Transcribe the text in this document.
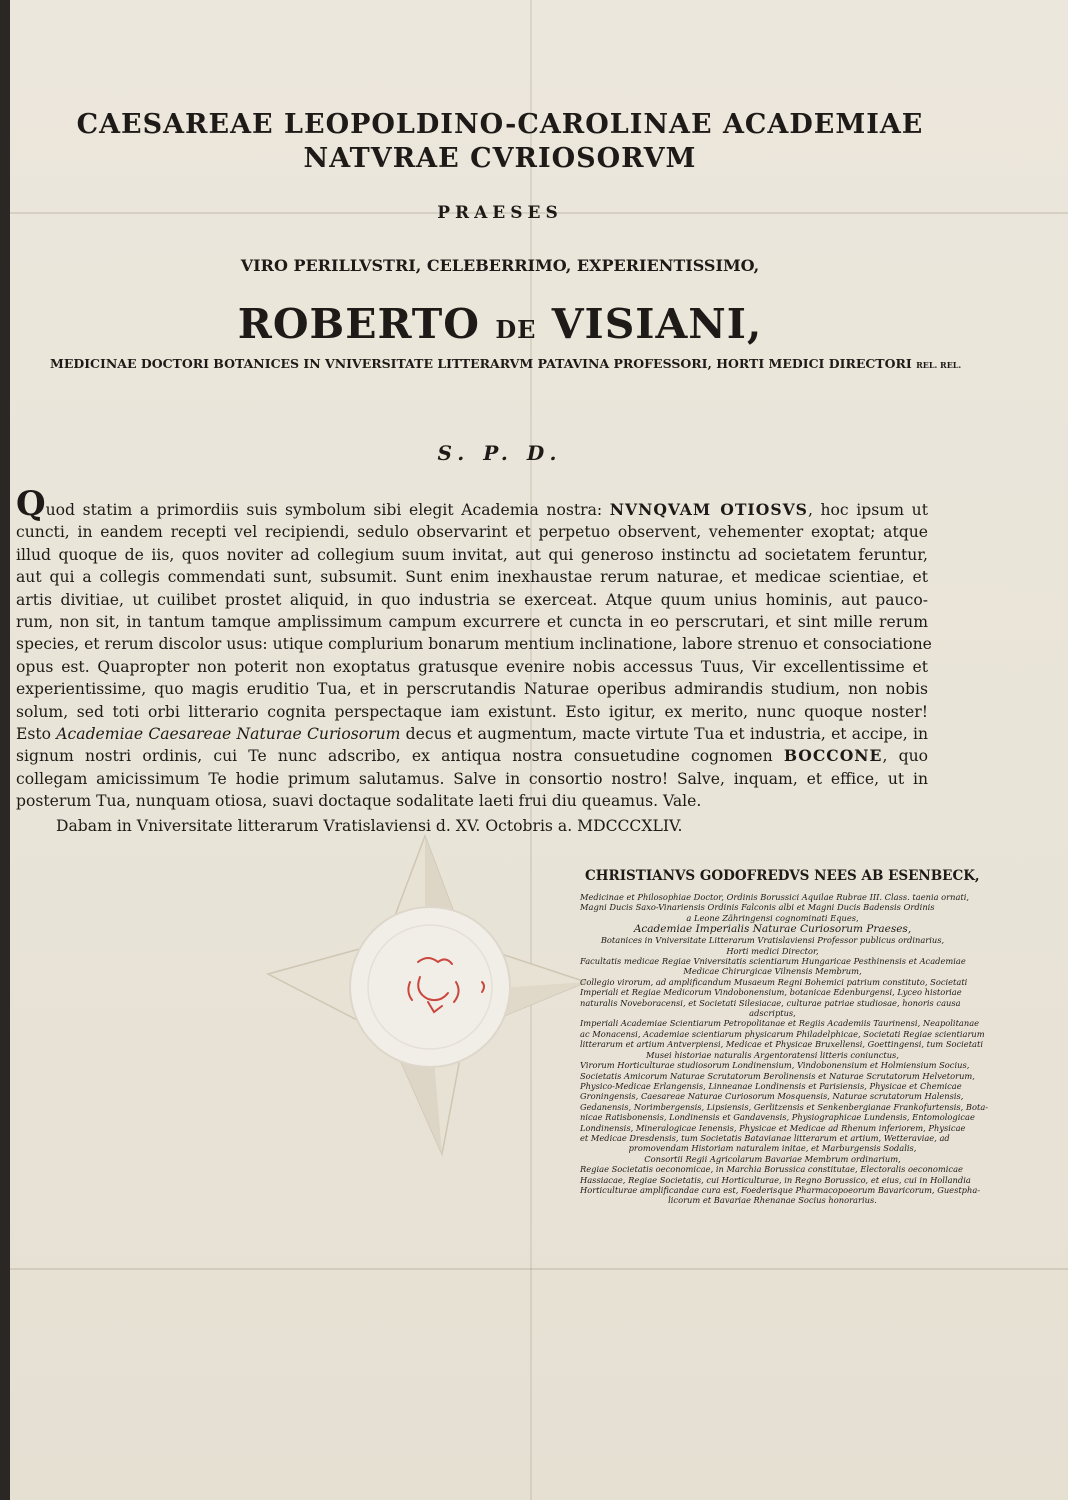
CAESAREAE LEOPOLDINO-CAROLINAE ACADEMIAE
NATVRAE CVRIOSORVM
PRAESES
VIRO PERILLVSTRI, CELEBERRIMO, EXPERIENTISSIMO,
ROBERTO DE VISIANI,
MEDICINAE DOCTORI BOTANICES IN VNIVERSITATE LITTERARVM PATAVINA PROFESSORI, HORTI MEDICI DIRECTORI REL. REL.
S. P. D.
Quod statim a primordiis suis symbolum sibi elegit Academia nostra: NVNQVAM OTIOSVS, hoc ipsum ut
cuncti, in eandem recepti vel recipiendi, sedulo observarint et perpetuo observent, vehementer exoptat; atque
illud quoque de iis, quos noviter ad collegium suum invitat, aut qui generoso instinctu ad societatem feruntur,
aut qui a collegis commendati sunt, subsumit. Sunt enim inexhaustae rerum naturae, et medicae scientiae, et
artis divitiae, ut cuilibet prostet aliquid, in quo industria se exerceat. Atque quum unius hominis, aut pauco-
rum, non sit, in tantum tamque amplissimum campum excurrere et cuncta in eo perscrutari, et sint mille rerum
species, et rerum discolor usus: utique complurium bonarum mentium inclinatione, labore strenuo et consociatione
opus est. Quapropter non poterit non exoptatus gratusque evenire nobis accessus Tuus, Vir excellentissime et
experientissime, quo magis eruditio Tua, et in perscrutandis Naturae operibus admirandis studium, non nobis
solum, sed toti orbi litterario cognita perspectaque iam existunt. Esto igitur, ex merito, nunc quoque noster!
Esto Academiae Caesareae Naturae Curiosorum decus et augmentum, macte virtute Tua et industria, et accipe, in
signum nostri ordinis, cui Te nunc adscribo, ex antiqua nostra consuetudine cognomen BOCCONE, quo
collegam amicissimum Te hodie primum salutamus. Salve in consortio nostro! Salve, inquam, et effice, ut in
posterum Tua, nunquam otiosa, suavi doctaque sodalitate laeti frui diu queamus. Vale.
Dabam in Vniversitate litterarum Vratislaviensi d. XV. Octobris a. MDCCCXLIV.
CHRISTIANVS GODOFREDVS NEES AB ESENBECK,
Medicinae et Philosophiae Doctor, Ordinis Borussici Aquilae Rubrae III. Class. taenia ornati,
Magni Ducis Saxo-Vinariensis Ordinis Falconis albi et Magni Ducis Badensis Ordinis
a Leone Zähringensi cognominati Eques,
Academiae Imperialis Naturae Curiosorum Praeses,
Botanices in Vniversitate Litterarum Vratislaviensi Professor publicus ordinarius,
Horti medici Director,
Facultatis medicae Regiae Vniversitatis scientiarum Hungaricae Pesthinensis et Academiae
Medicae Chirurgicae Vilnensis Membrum,
Collegio virorum, ad amplificandum Musaeum Regni Bohemici patrium constituto, Societati
Imperiali et Regiae Medicorum Vindobonensium, botanicae Edenburgensi, Lyceo historiae
naturalis Noveboracensi, et Societati Silesiacae, culturae patriae studiosae, honoris causa
adscriptus,
Imperiali Academiae Scientiarum Petropolitanae et Regiis Academiis Taurinensi, Neapolitanae
ac Monacensi, Academiae scientiarum physicarum Philadelphicae, Societati Regiae scientiarum
litterarum et artium Antverpiensi, Medicae et Physicae Bruxellensi, Goettingensi, tum Societati
Musei historiae naturalis Argentoratensi litteris coniunctus,
Virorum Horticulturae studiosorum Londinensium, Vindobonensium et Holmiensium Socius,
Societatis Amicorum Naturae Scrutatorum Berolinensis et Naturae Scrutatorum Helvetorum,
Physico-Medicae Erlangensis, Linneanae Londinensis et Parisiensis, Physicae et Chemicae
Groningensis, Caesareae Naturae Curiosorum Mosquensis, Naturae scrutatorum Halensis,
Gedanensis, Norimbergensis, Lipsiensis, Gerlitzensis et Senkenbergianae Frankofurtensis, Bota-
nicae Ratisbonensis, Londinensis et Gandavensis, Physiographicae Lundensis, Entomologicae
Londinensis, Mineralogicae Ienensis, Physicae et Medicae ad Rhenum inferiorem, Physicae
et Medicae Dresdensis, tum Societatis Batavianae litterarum et artium, Wetteraviae, ad
promovendam Historiam naturalem initae, et Marburgensis Sodalis,
Consortii Regii Agricolarum Bavariae Membrum ordinarium,
Regiae Societatis oeconomicae, in Marchia Borussica constitutae, Electoralis oeconomicae
Hassiacae, Regiae Societatis, cui Horticulturae, in Regno Borussico, et eius, cui in Hollandia
Horticulturae amplificandae cura est, Foederisque Pharmacopoeorum Bavaricorum, Guestpha-
licorum et Bavariae Rhenanae Socius honorarius.
